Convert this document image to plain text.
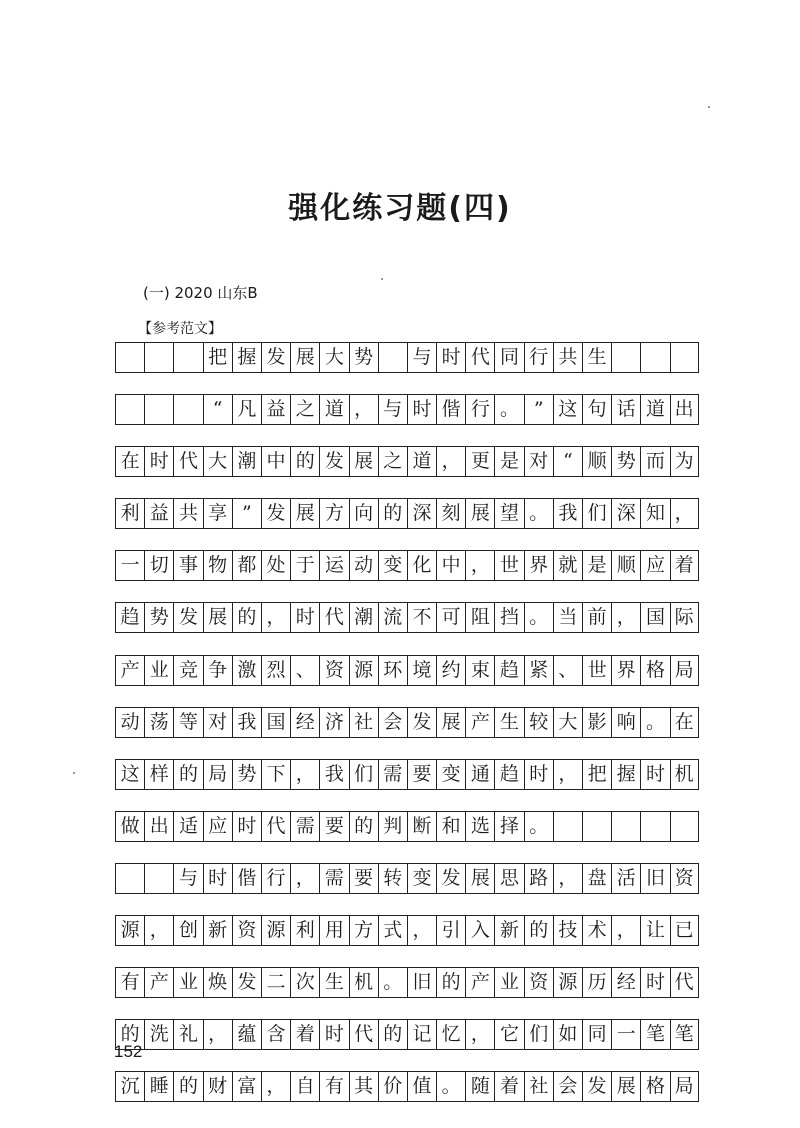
强化练习题(四)
(一) 2020 山东B
【参考范文】
把 握 发 展 大 势 与 时 代 同 行 共 生
“ 凡 益 之 道 ， 与 时 偕 行 。 ” 这 句 话 道 出
在 时 代 大 潮 中 的 发 展 之 道 ， 更 是 对 “ 顺 势 而 为
利 益 共 享 ” 发 展 方 向 的 深 刻 展 望 。 我 们 深 知 ，
一 切 事 物 都 处 于 运 动 变 化 中 ， 世 界 就 是 顺 应 着
趋 势 发 展 的 ， 时 代 潮 流 不 可 阻 挡 。 当 前 ， 国 际
产 业 竞 争 激 烈 、 资 源 环 境 约 束 趋 紧 、 世 界 格 局
动 荡 等 对 我 国 经 济 社 会 发 展 产 生 较 大 影 响 。 在
这 样 的 局 势 下 ， 我 们 需 要 变 通 趋 时 ， 把 握 时 机
做 出 适 应 时 代 需 要 的 判 断 和 选 择 。
与 时 偕 行 ， 需 要 转 变 发 展 思 路 ， 盘 活 旧 资
源 ， 创 新 资 源 利 用 方 式 ， 引 入 新 的 技 术 ， 让 已
有 产 业 焕 发 二 次 生 机 。 旧 的 产 业 资 源 历 经 时 代
的 洗 礼 ， 蕴 含 着 时 代 的 记 忆 ， 它 们 如 同 一 笔 笔
沉 睡 的 财 富 ， 自 有 其 价 值 。 随 着 社 会 发 展 格 局
152
